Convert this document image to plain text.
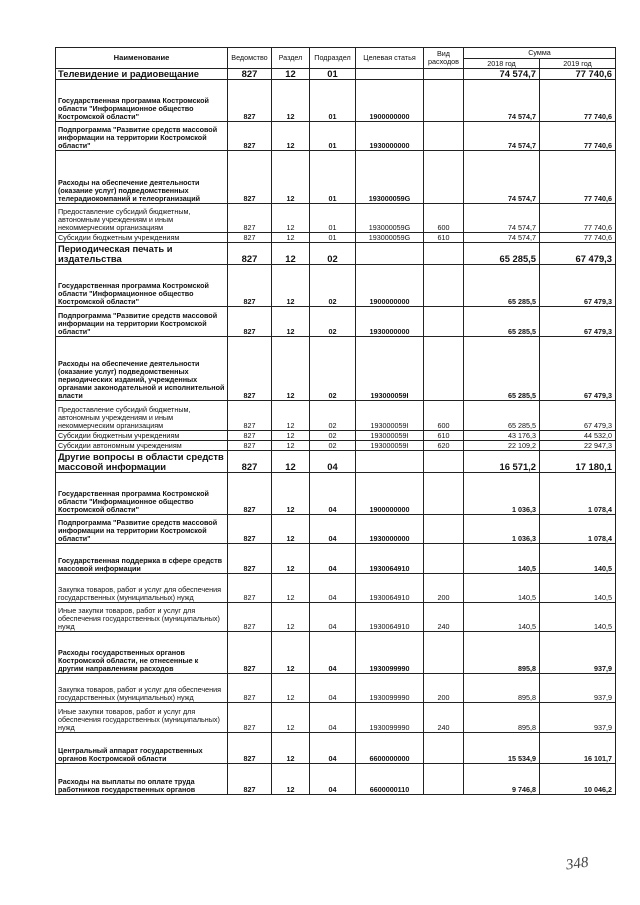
Наименование	Ведомство	Раздел	Подраздел	Целевая статья	Вид расходов	Сумма	
						2018 год	2019 год
Телевидение и радиовещание	827	12	01			74 574,7	77 740,6
Государственная программа Костромской области "Информационное общество Костромской области"	827	12	01	1900000000		74 574,7	77 740,6
Подпрограмма "Развитие средств массовой информации на территории Костромской области"	827	12	01	1930000000		74 574,7	77 740,6
Расходы на обеспечение деятельности (оказание услуг) подведомственных телерадиокомпаний и телеорганизаций	827	12	01	193000059G		74 574,7	77 740,6
Предоставление субсидий бюджетным, автономным учреждениям и иным некоммерческим организациям	827	12	01	193000059G	600	74 574,7	77 740,6
Субсидии бюджетным учреждениям	827	12	01	193000059G	610	74 574,7	77 740,6
Периодическая печать и издательства	827	12	02			65 285,5	67 479,3
Государственная программа Костромской области "Информационное общество Костромской области"	827	12	02	1900000000		65 285,5	67 479,3
Подпрограмма "Развитие средств массовой информации на территории Костромской области"	827	12	02	1930000000		65 285,5	67 479,3
Расходы на обеспечение деятельности (оказание услуг) подведомственных периодических изданий, учрежденных органами законодательной и исполнительной власти	827	12	02	193000059I		65 285,5	67 479,3
Предоставление субсидий бюджетным, автономным учреждениям и иным некоммерческим организациям	827	12	02	193000059I	600	65 285,5	67 479,3
Субсидии бюджетным учреждениям	827	12	02	193000059I	610	43 176,3	44 532,0
Субсидии автономным учреждениям	827	12	02	193000059I	620	22 109,2	22 947,3
Другие вопросы в области средств массовой информации	827	12	04			16 571,2	17 180,1
Государственная программа Костромской области "Информационное общество Костромской области"	827	12	04	1900000000		1 036,3	1 078,4
Подпрограмма "Развитие средств массовой информации на территории Костромской области"	827	12	04	1930000000		1 036,3	1 078,4
Государственная поддержка в сфере средств массовой информации	827	12	04	1930064910		140,5	140,5
Закупка товаров, работ и услуг для обеспечения государственных (муниципальных) нужд	827	12	04	1930064910	200	140,5	140,5
Иные закупки товаров, работ и услуг для обеспечения государственных (муниципальных) нужд	827	12	04	1930064910	240	140,5	140,5
Расходы государственных органов Костромской области, не отнесенные к другим направлениям расходов	827	12	04	1930099990		895,8	937,9
Закупка товаров, работ и услуг для обеспечения государственных (муниципальных) нужд	827	12	04	1930099990	200	895,8	937,9
Иные закупки товаров, работ и услуг для обеспечения государственных (муниципальных) нужд	827	12	04	1930099990	240	895,8	937,9
Центральный аппарат государственных органов Костромской области	827	12	04	6600000000		15 534,9	16 101,7
Расходы на выплаты по оплате труда работников государственных органов	827	12	04	6600000110		9 746,8	10 046,2
348
